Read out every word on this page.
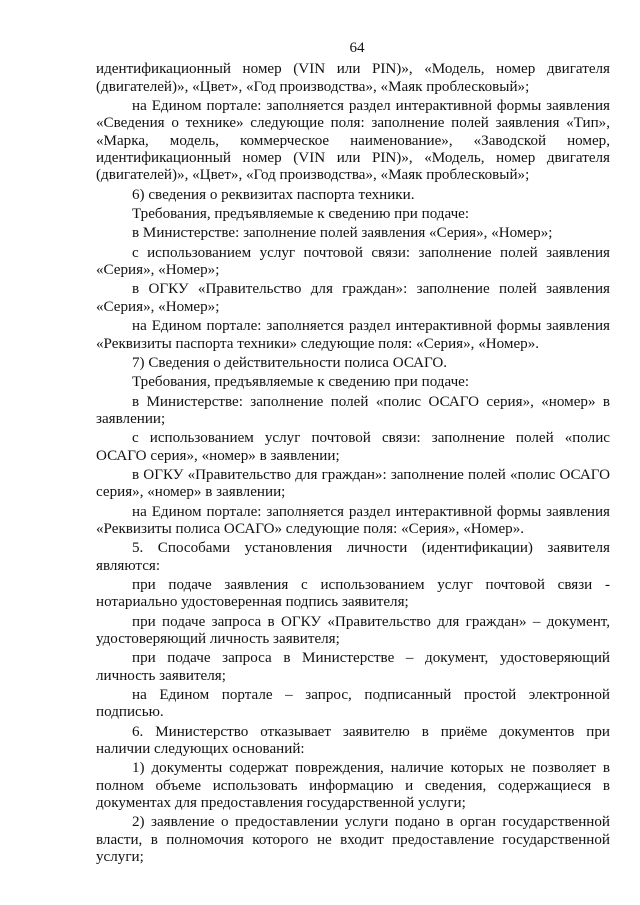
64

идентификационный номер (VIN или PIN)», «Модель, номер двигателя (двигателей)», «Цвет», «Год производства», «Маяк проблесковый»;

на Едином портале: заполняется раздел интерактивной формы заявления «Сведения о технике» следующие поля: заполнение полей заявления «Тип», «Марка, модель, коммерческое наименование», «Заводской номер, идентификационный номер (VIN или PIN)», «Модель, номер двигателя (двигателей)», «Цвет», «Год производства», «Маяк проблесковый»;

6) сведения о реквизитах паспорта техники.

Требования, предъявляемые к сведению при подаче:

в Министерстве: заполнение полей заявления «Серия», «Номер»;

с использованием услуг почтовой связи: заполнение полей заявления «Серия», «Номер»;

в ОГКУ «Правительство для граждан»: заполнение полей заявления «Серия», «Номер»;

на Едином портале: заполняется раздел интерактивной формы заявления «Реквизиты паспорта техники» следующие поля: «Серия», «Номер».

7) Сведения о действительности полиса ОСАГО.

Требования, предъявляемые к сведению при подаче:

в Министерстве: заполнение полей «полис ОСАГО серия», «номер» в заявлении;

с использованием услуг почтовой связи: заполнение полей «полис ОСАГО серия», «номер» в заявлении;

в ОГКУ «Правительство для граждан»: заполнение полей «полис ОСАГО серия», «номер» в заявлении;

на Едином портале: заполняется раздел интерактивной формы заявления «Реквизиты полиса ОСАГО» следующие поля: «Серия», «Номер».

5. Способами установления личности (идентификации) заявителя являются:

при подаче заявления с использованием услуг почтовой связи - нотариально удостоверенная подпись заявителя;

при подаче запроса в ОГКУ «Правительство для граждан» – документ, удостоверяющий личность заявителя;

при подаче запроса в Министерстве – документ, удостоверяющий личность заявителя;

на Едином портале – запрос, подписанный простой электронной подписью.

6. Министерство отказывает заявителю в приёме документов при наличии следующих оснований:

1) документы содержат повреждения, наличие которых не позволяет в полном объеме использовать информацию и сведения, содержащиеся в документах для предоставления государственной услуги;

2) заявление о предоставлении услуги подано в орган государственной власти, в полномочия которого не входит предоставление государственной услуги;
